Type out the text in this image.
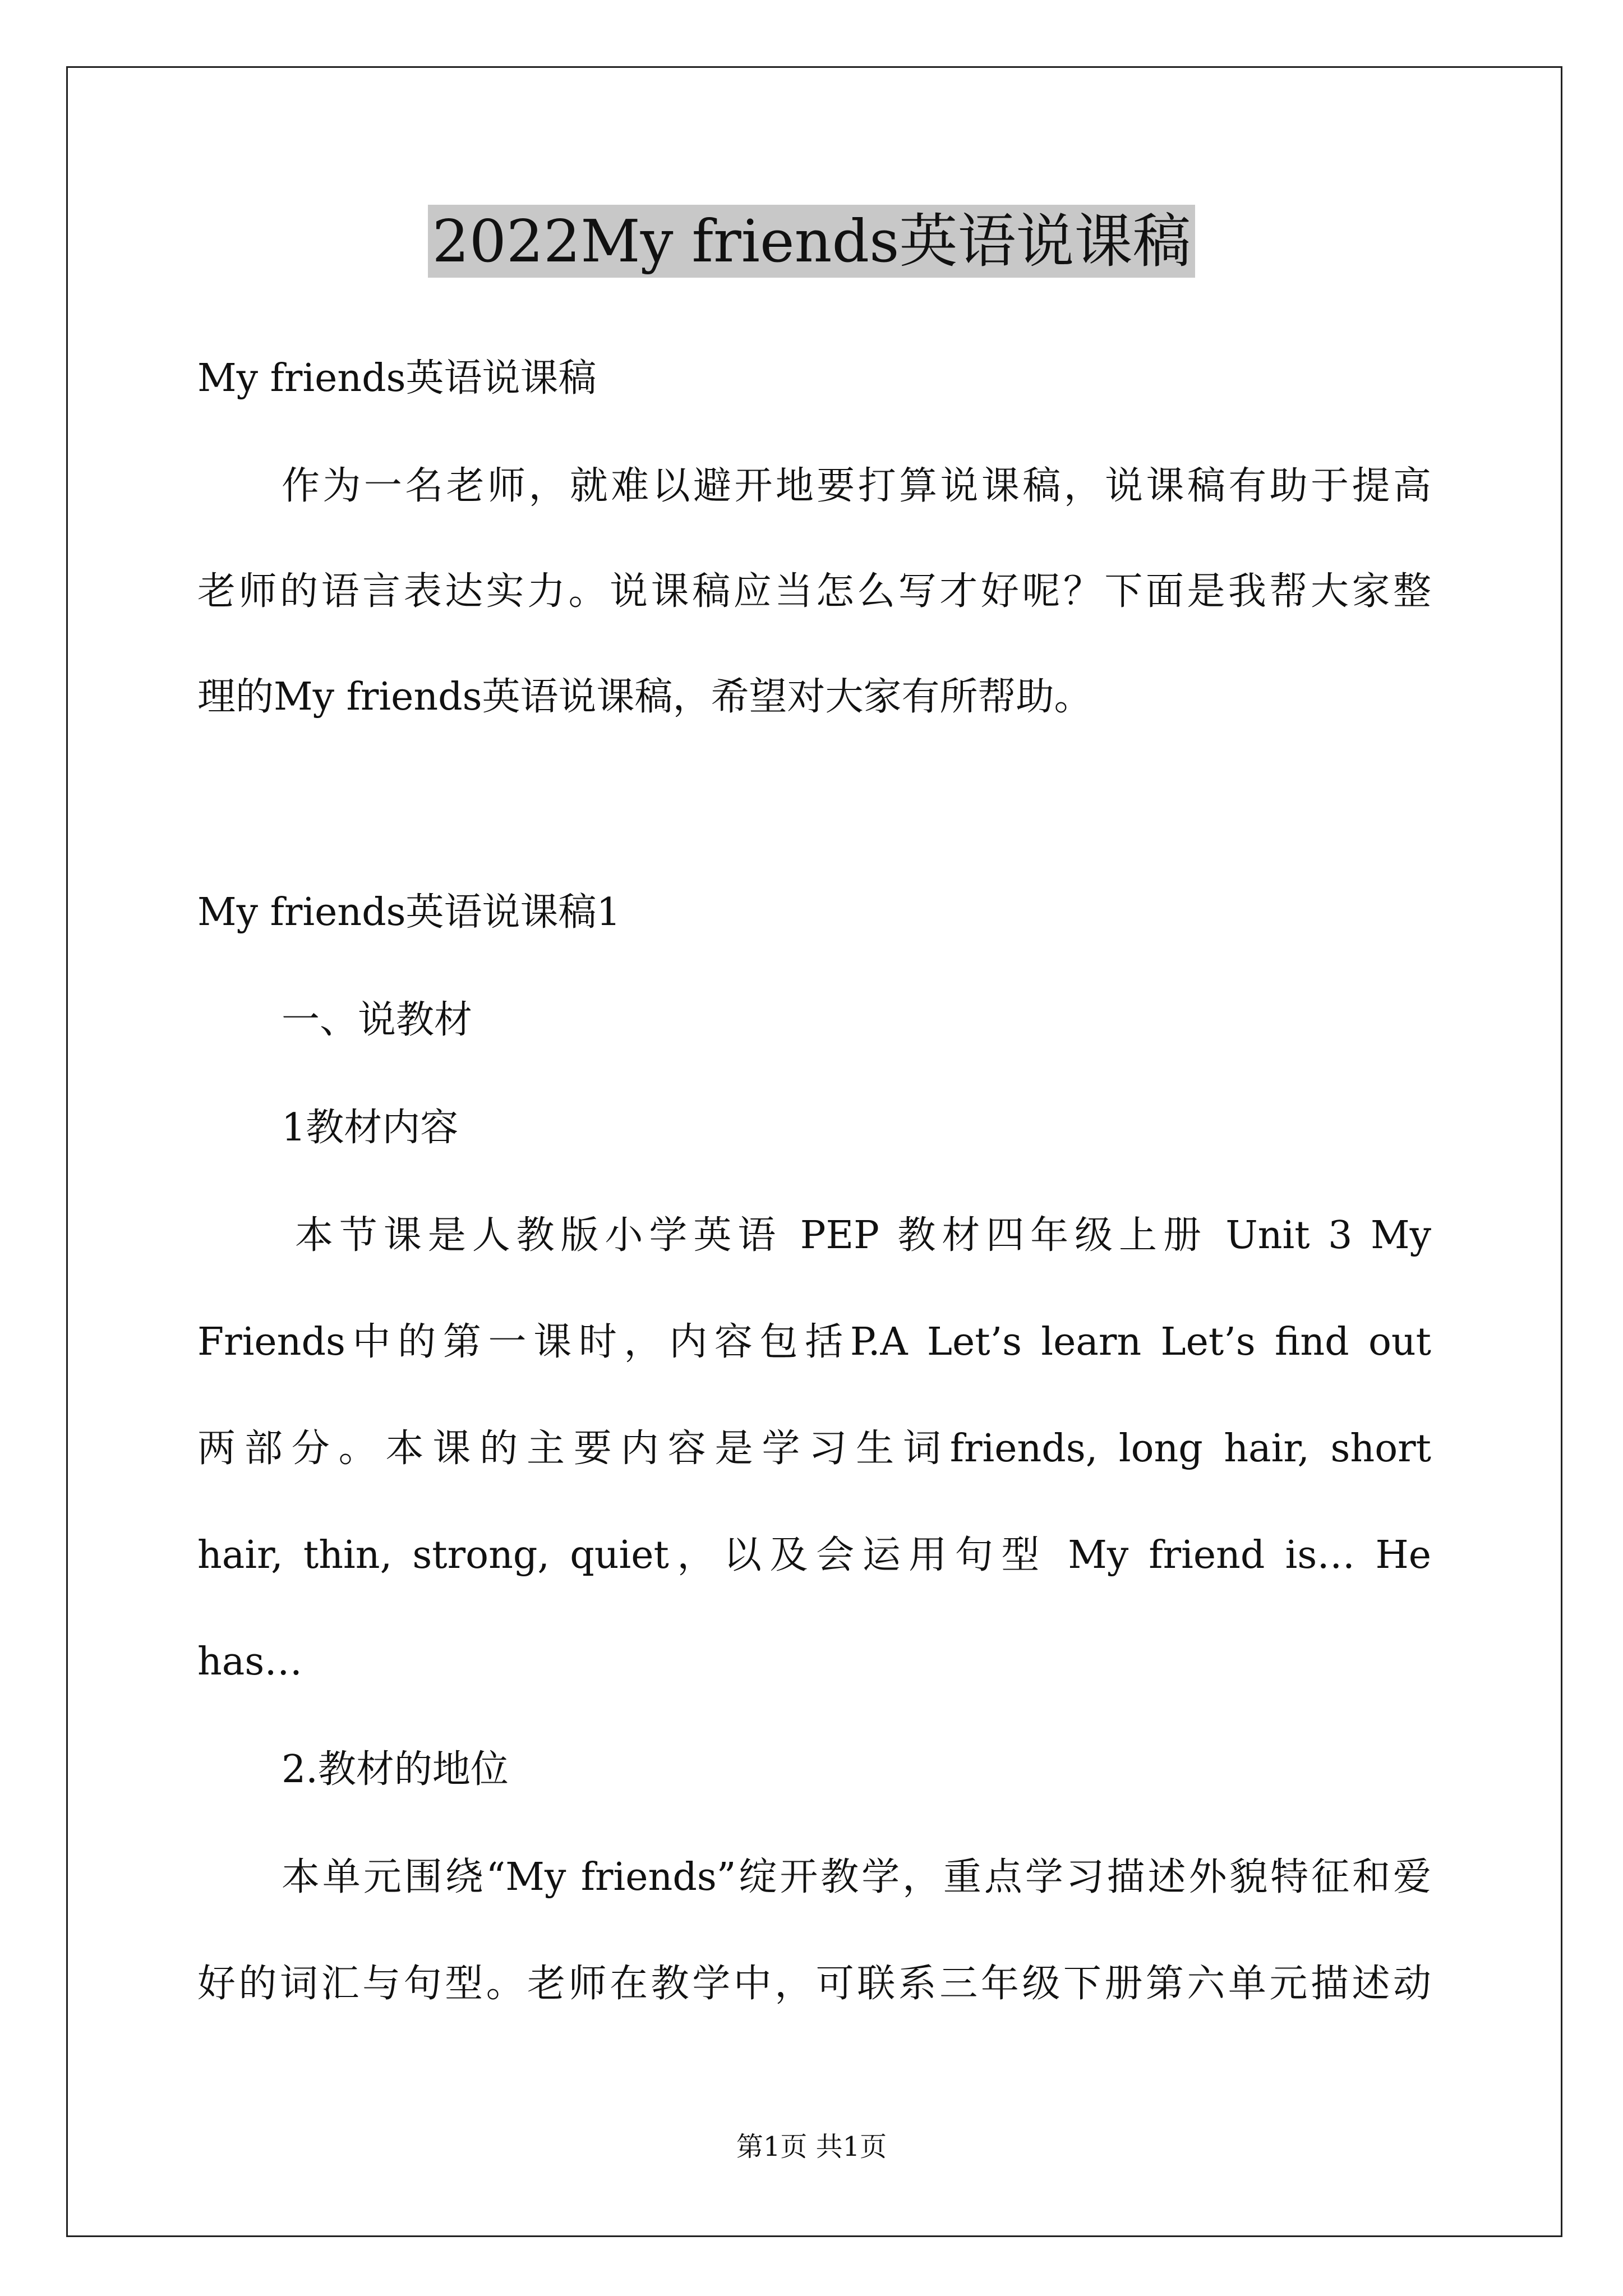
2022My friends英语说课稿
My friends英语说课稿
作为一名老师，就难以避开地要打算说课稿，说课稿有助于提高
老师的语言表达实力。说课稿应当怎么写才好呢？下面是我帮大家整
理的My friends英语说课稿，希望对大家有所帮助。
My friends英语说课稿1
一、说教材
1教材内容
本节课是人教版小学英语 PEP 教材四年级上册 Unit 3 My
Friends中的第一课时，内容包括P.A Let’s learn Let’s find out
两部分。本课的主要内容是学习生词friends, long hair, short
hair, thin, strong, quiet，以及会运用句型 My friend is… He
has…
2.教材的地位
本单元围绕“My friends”绽开教学，重点学习描述外貌特征和爱
好的词汇与句型。老师在教学中，可联系三年级下册第六单元描述动
第1页 共1页
